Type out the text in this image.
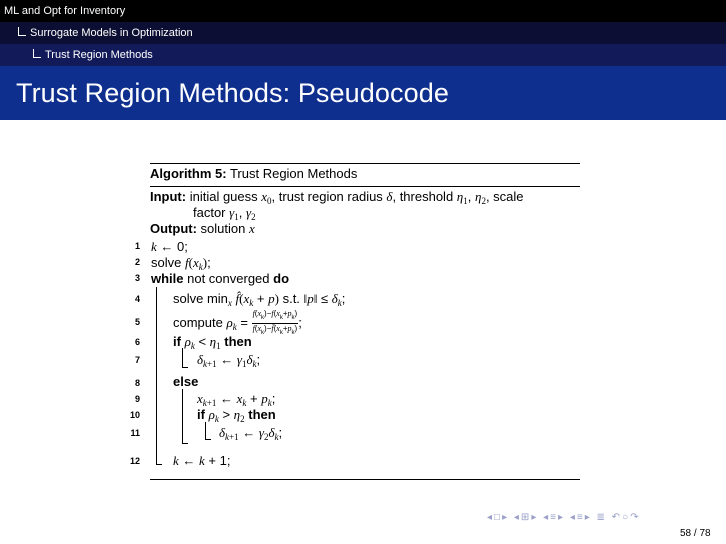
ML and Opt for Inventory
Surrogate Models in Optimization
Trust Region Methods
Trust Region Methods: Pseudocode
Algorithm 5: Trust Region Methods
Input: initial guess $x_0$, trust region radius δ, threshold $\eta_1$, $\eta_2$, scale
factor $\gamma_1$, $\gamma_2$
Output: solution x
1
2
3
4
5
6
7
8
9
10
11
12
k ← 0;
solve $f(x_k)$;
while not converged do
solve $\min_x$ $f̂(x_k + p)$ s.t. ‖p‖ ≤ $\delta_k$;
compute $\rho_k = \frac{f(x_k)-f(x_k+p_k)}{f(x_k)-f̂(x_k+p_k)}$ ;
if $\rho_k < \eta_1$ then
$\delta_{k+1}$ ← $\gamma_1\delta_k$;
else
$x_{k+1}$ ← $x_k + p_k$;
if $\rho_k > \eta_2$ then
$\delta_{k+1}$ ← $\gamma_2\delta_k$;
k ← k + 1;
◂□▸ ◂⊞▸ ◂≡▸ ◂≡▸ ≣ ↶○↷
58 / 78
